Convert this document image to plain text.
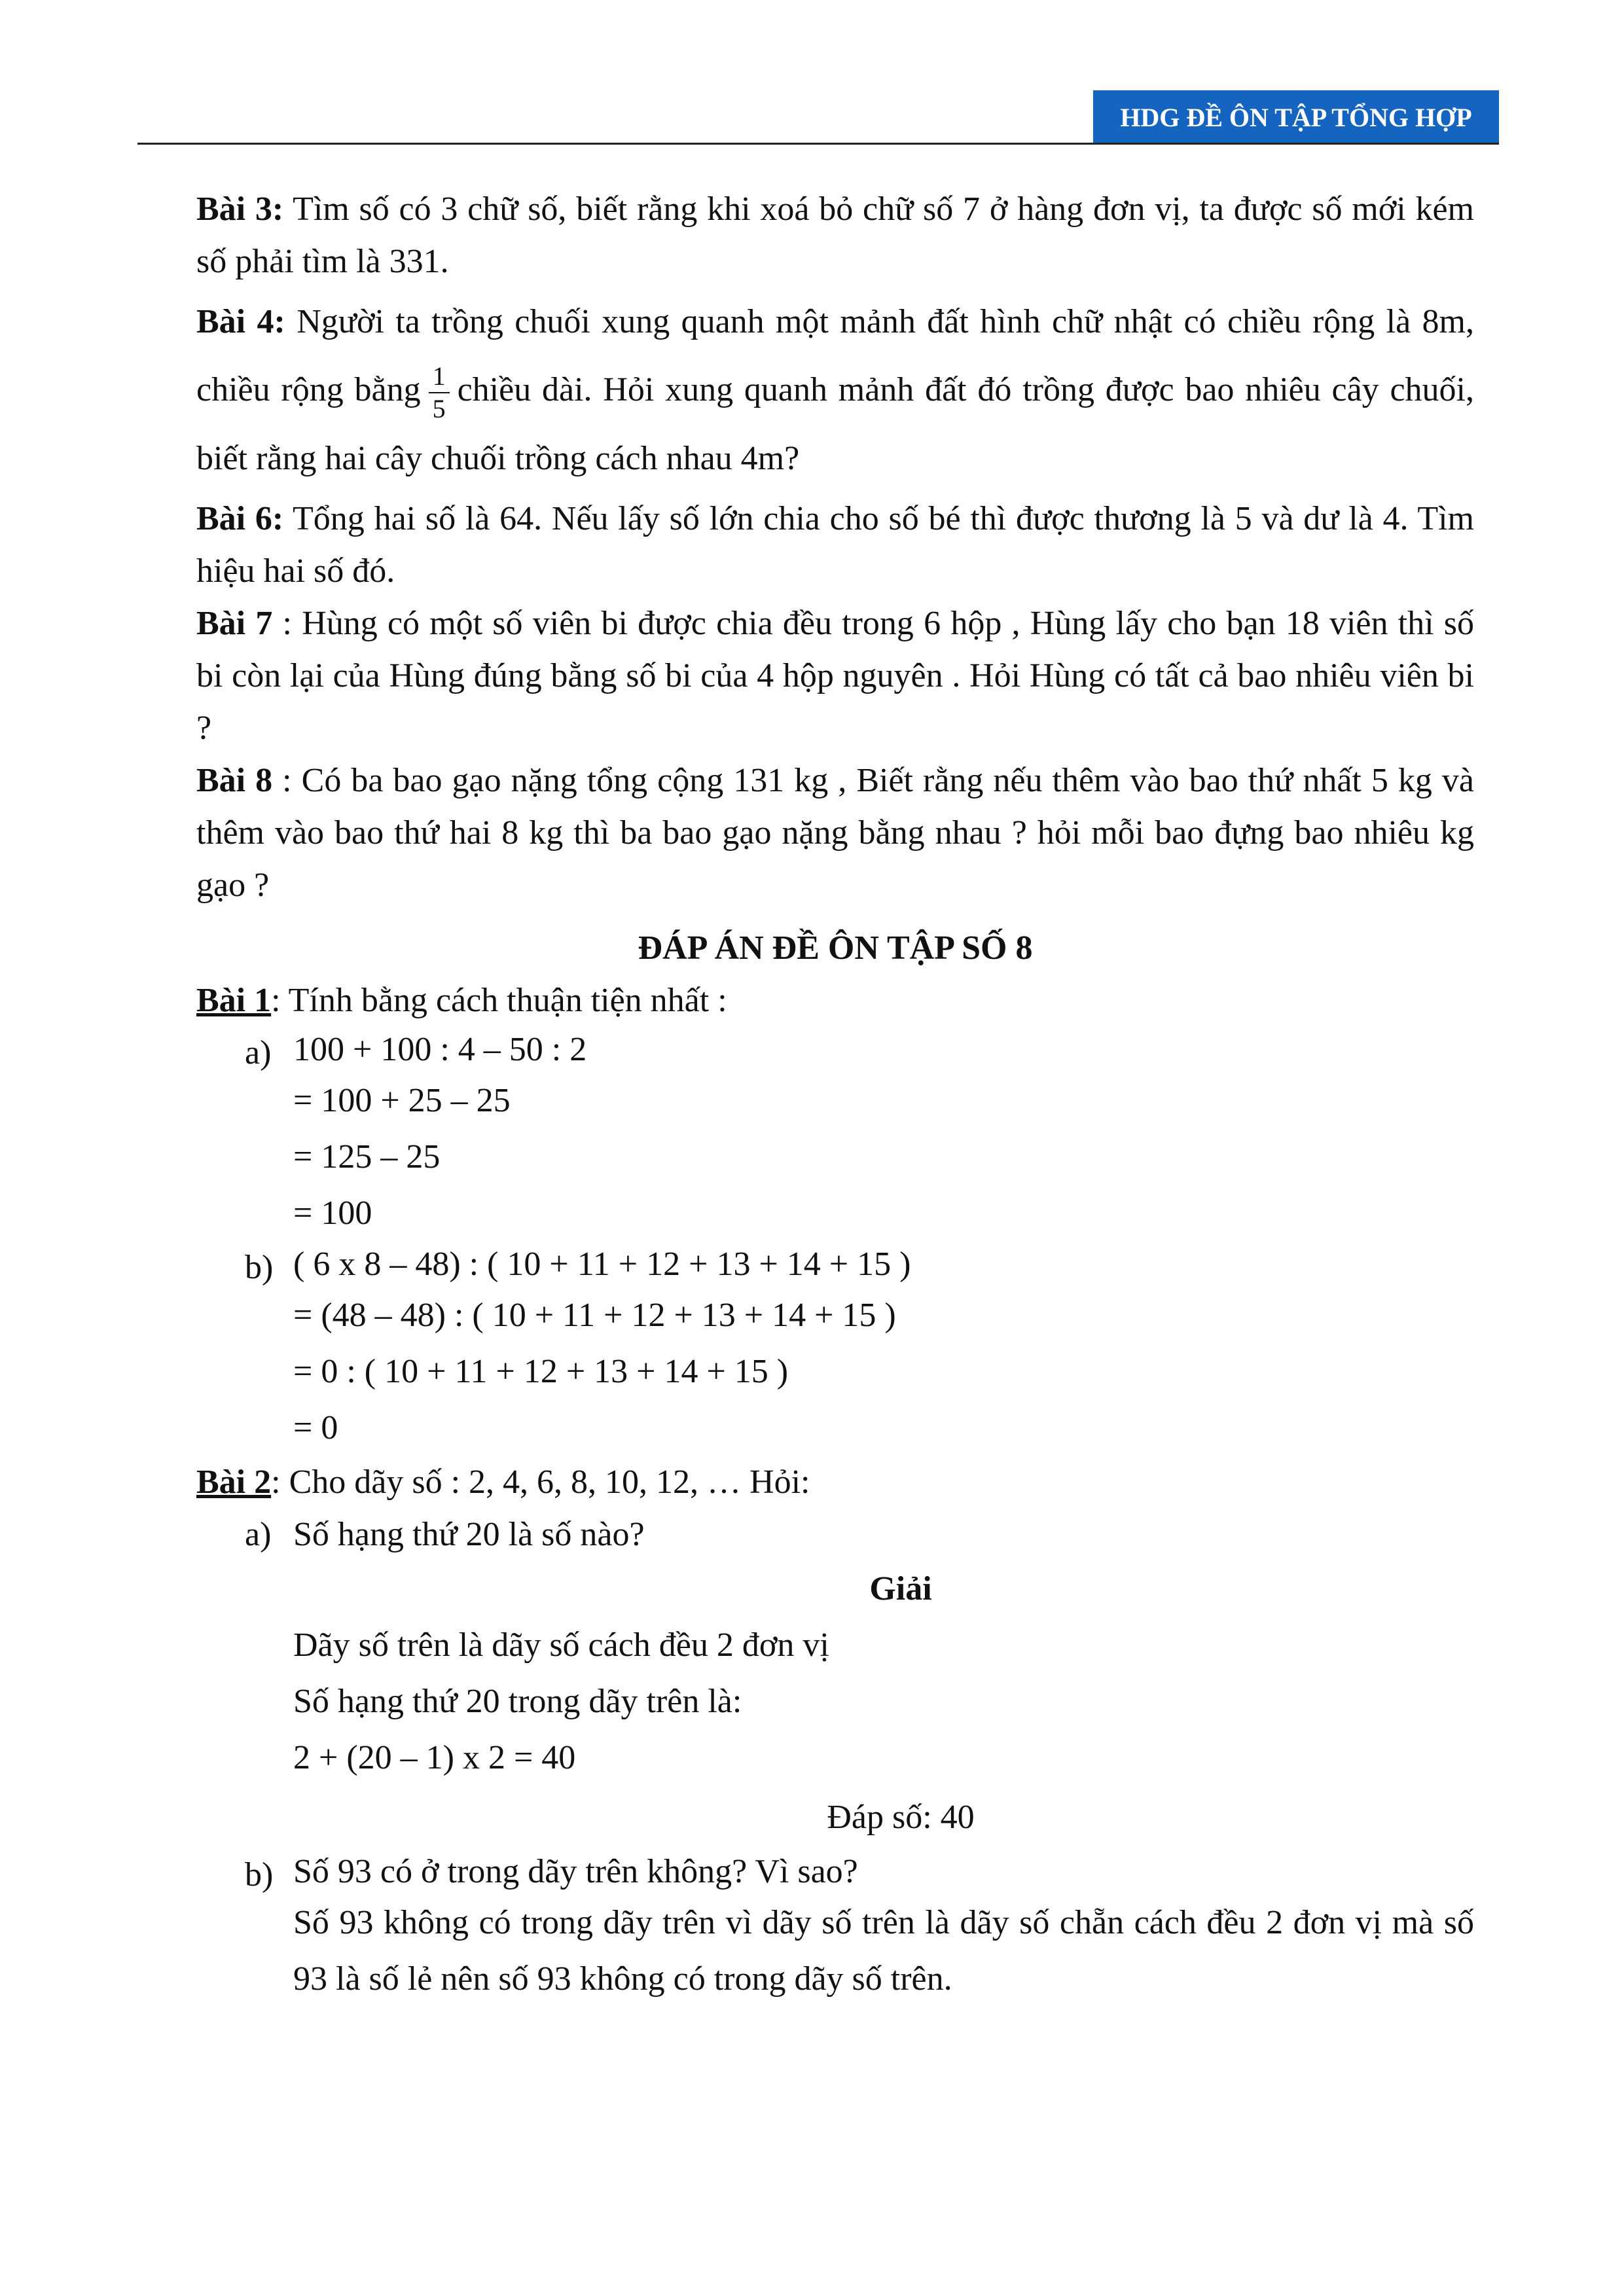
HDG ĐỀ ÔN TẬP TỔNG HỢP

Bài 3: Tìm số có 3 chữ số, biết rằng khi xoá bỏ chữ số 7 ở hàng đơn vị, ta được số mới kém số phải tìm là 331.

Bài 4: Người ta trồng chuối xung quanh một mảnh đất hình chữ nhật có chiều rộng là 8m, chiều rộng bằng $\frac{1}{5}$ chiều dài. Hỏi xung quanh mảnh đất đó trồng được bao nhiêu cây chuối, biết rằng hai cây chuối trồng cách nhau 4m?

Bài 6: Tổng hai số là 64. Nếu lấy số lớn chia cho số bé thì được thương là 5 và dư là 4. Tìm hiệu hai số đó.

Bài 7 : Hùng có một số viên bi được chia đều trong 6 hộp , Hùng lấy cho bạn 18 viên thì số bi còn lại của Hùng đúng bằng số bi của 4 hộp nguyên . Hỏi Hùng có tất cả bao nhiêu viên bi ?

Bài 8 : Có ba bao gạo nặng tổng cộng 131 kg , Biết rằng nếu thêm vào bao thứ nhất 5 kg và thêm vào bao thứ hai 8 kg thì ba bao gạo nặng bằng nhau ? hỏi mỗi bao đựng bao nhiêu kg gạo ?

ĐÁP ÁN ĐỀ ÔN TẬP SỐ 8

Bài 1: Tính bằng cách thuận tiện nhất :

a) 100 + 100 : 4 – 50 : 2

= 100 + 25 – 25

= 125 – 25

= 100

b) ( 6 x 8 – 48) : ( 10 + 11 + 12 + 13 + 14 + 15 )

= (48 – 48) : ( 10 + 11 + 12 + 13 + 14 + 15 )

= 0 : ( 10 + 11 + 12 + 13 + 14 + 15 )

= 0

Bài 2: Cho dãy số : 2, 4, 6, 8, 10, 12, … Hỏi:

a) Số hạng thứ 20 là số nào?

Giải

Dãy số trên là dãy số cách đều 2 đơn vị

Số hạng thứ 20 trong dãy trên là:

2 + (20 – 1) x 2 = 40

Đáp số: 40

b) Số 93 có ở trong dãy trên không? Vì sao?

Số 93 không có trong dãy trên vì dãy số trên là dãy số chẵn cách đều 2 đơn vị mà số 93 là số lẻ nên số 93 không có trong dãy số trên.
